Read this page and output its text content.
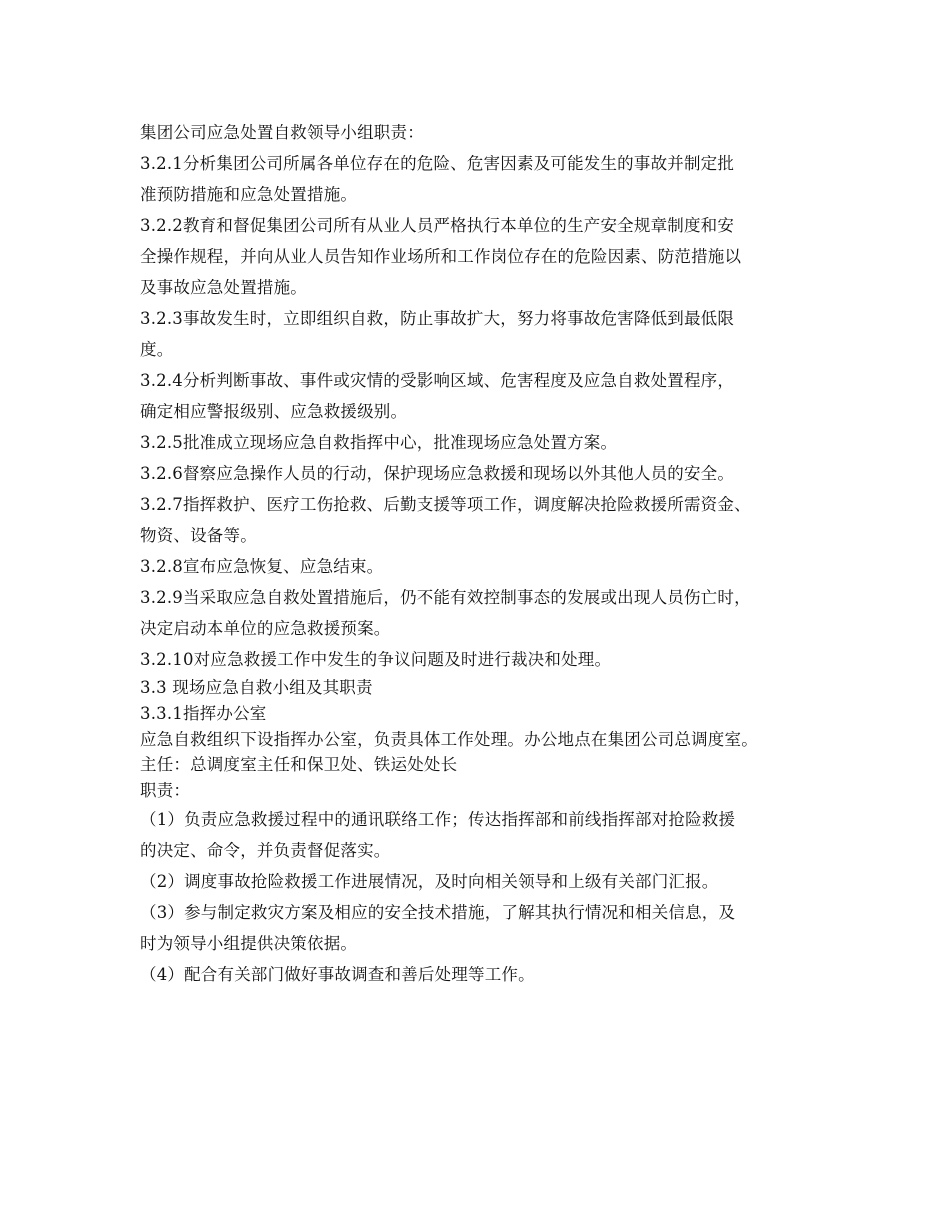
集团公司应急处置自救领导小组职责：

3.2.1分析集团公司所属各单位存在的危险、危害因素及可能发生的事故并制定批

准预防措施和应急处置措施。

3.2.2教育和督促集团公司所有从业人员严格执行本单位的生产安全规章制度和安

全操作规程，并向从业人员告知作业场所和工作岗位存在的危险因素、防范措施以

及事故应急处置措施。

3.2.3事故发生时，立即组织自救，防止事故扩大，努力将事故危害降低到最低限

度。

3.2.4分析判断事故、事件或灾情的受影响区域、危害程度及应急自救处置程序，

确定相应警报级别、应急救援级别。

3.2.5批准成立现场应急自救指挥中心，批准现场应急处置方案。

3.2.6督察应急操作人员的行动，保护现场应急救援和现场以外其他人员的安全。

3.2.7指挥救护、医疗工伤抢救、后勤支援等项工作，调度解决抢险救援所需资金、

物资、设备等。

3.2.8宣布应急恢复、应急结束。

3.2.9当采取应急自救处置措施后，仍不能有效控制事态的发展或出现人员伤亡时，

决定启动本单位的应急救援预案。

3.2.10对应急救援工作中发生的争议问题及时进行裁决和处理。

3.3 现场应急自救小组及其职责

3.3.1指挥办公室

应急自救组织下设指挥办公室，负责具体工作处理。办公地点在集团公司总调度室。

主任：总调度室主任和保卫处、铁运处处长

职责：

（1）负责应急救援过程中的通讯联络工作；传达指挥部和前线指挥部对抢险救援

的决定、命令，并负责督促落实。

（2）调度事故抢险救援工作进展情况，及时向相关领导和上级有关部门汇报。

（3）参与制定救灾方案及相应的安全技术措施，了解其执行情况和相关信息，及

时为领导小组提供决策依据。

（4）配合有关部门做好事故调查和善后处理等工作。
